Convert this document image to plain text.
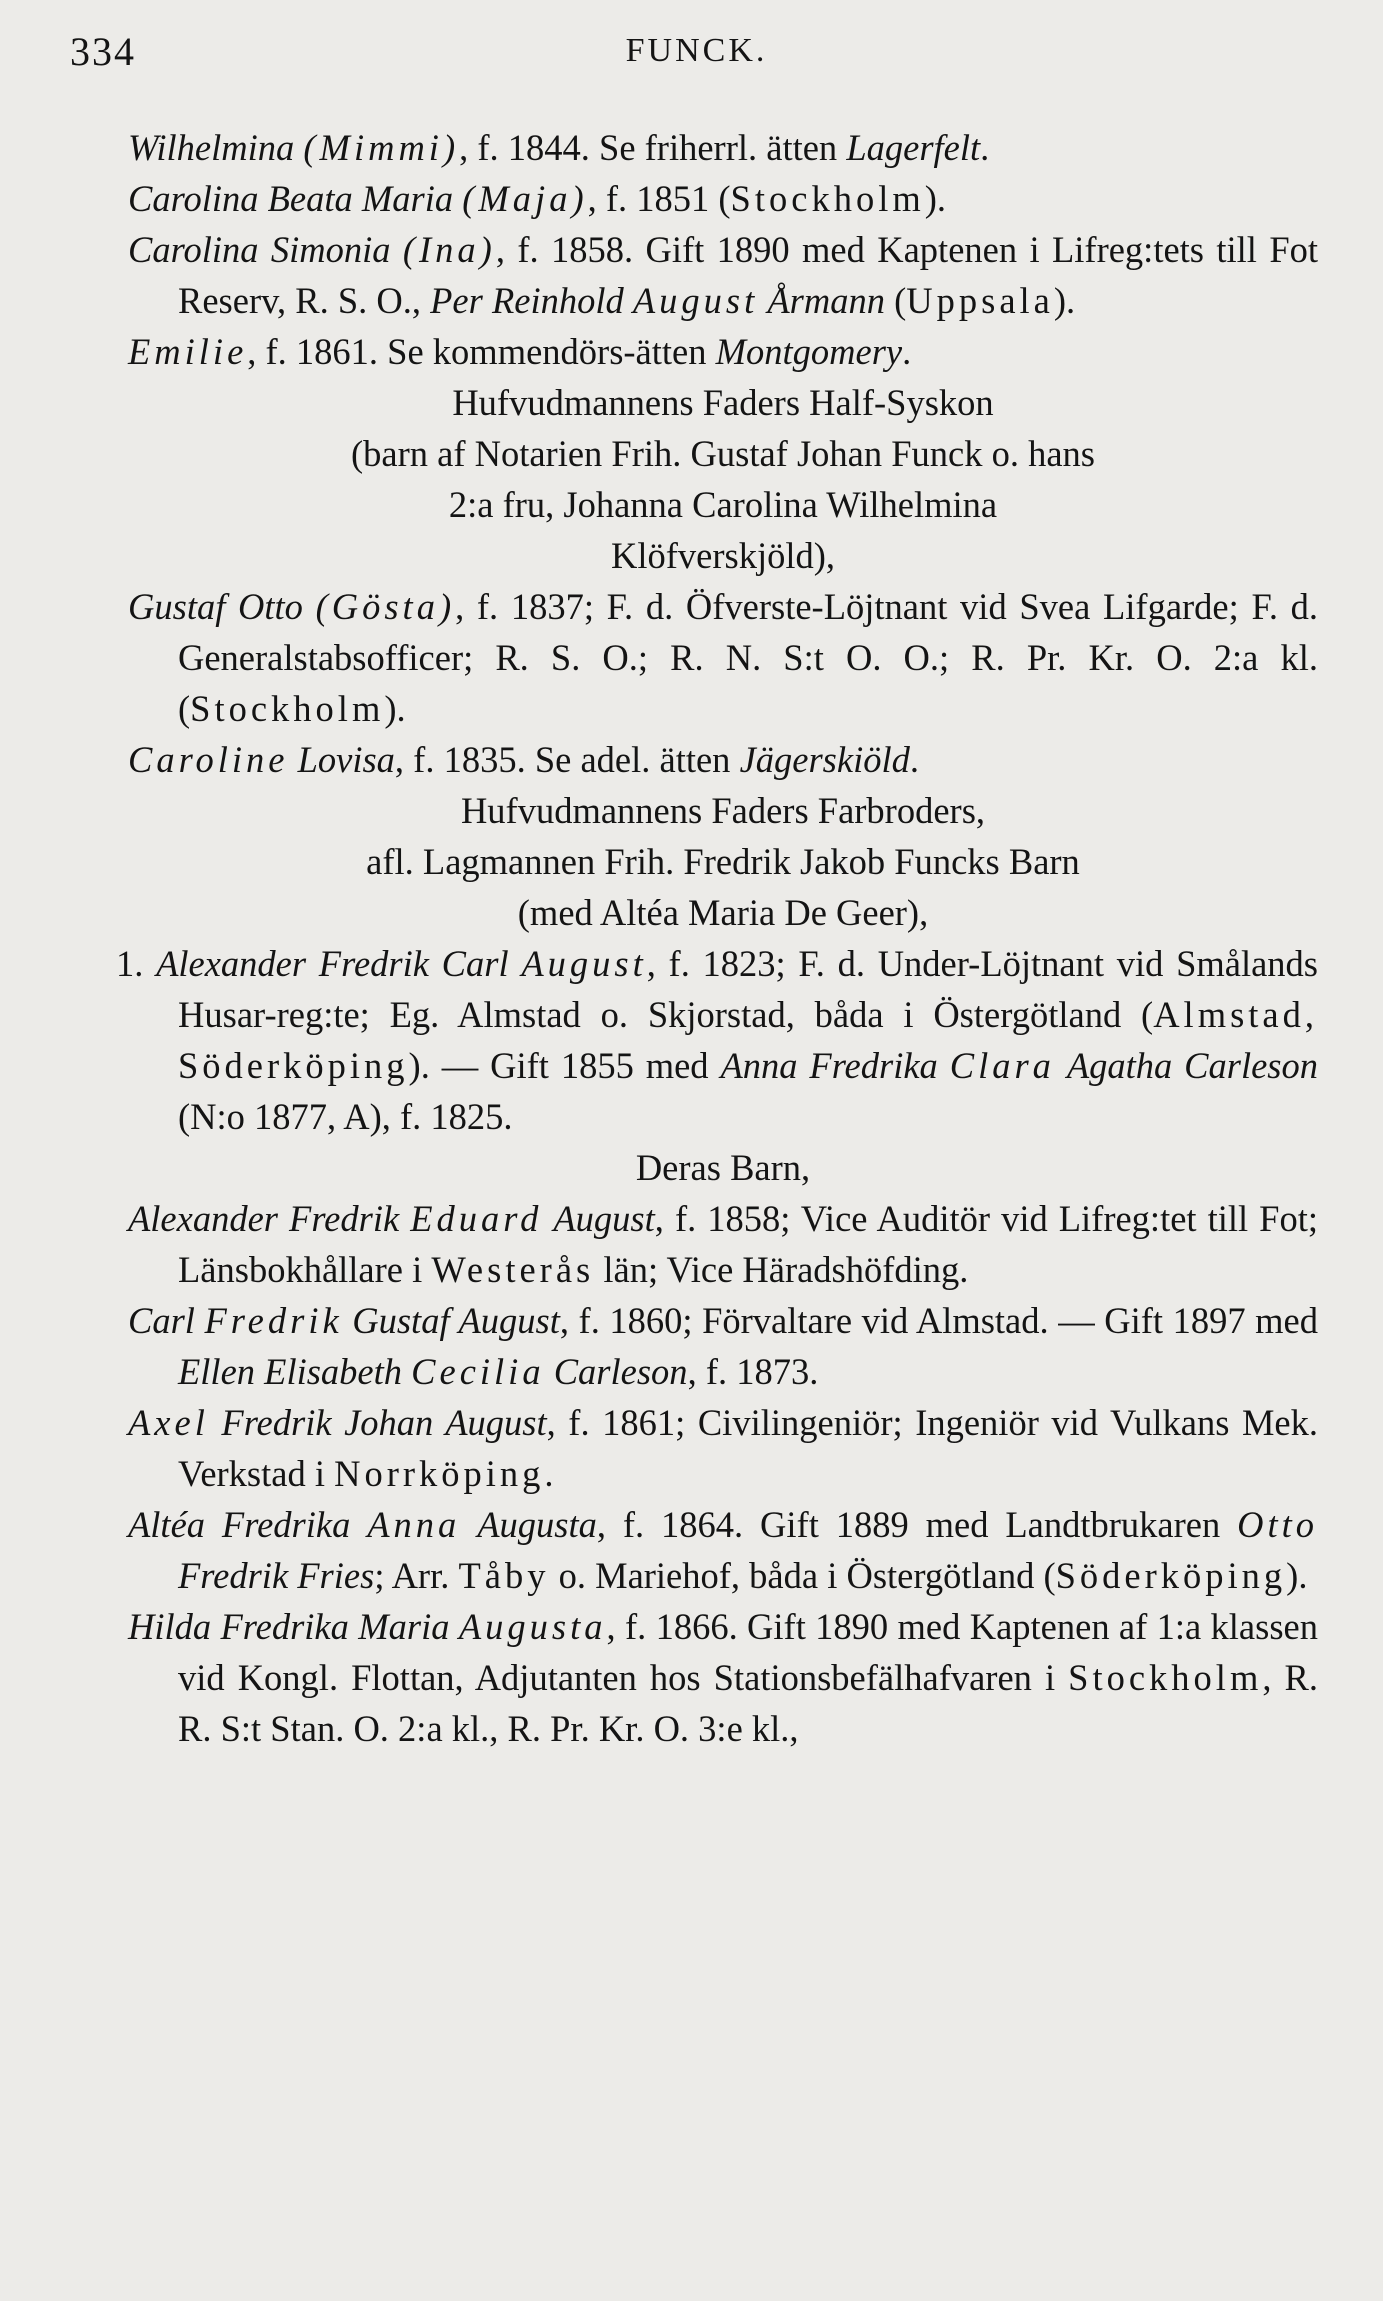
334	FUNCK.

Wilhelmina (Mimmi), f. 1844. Se friherrl. ätten Lagerfelt.

Carolina Beata Maria (Maja), f. 1851 (Stockholm).

Carolina Simonia (Ina), f. 1858. Gift 1890 med Kaptenen i Lifreg:tets till Fot Reserv, R. S. O., Per Reinhold August Årmann (Uppsala).

Emilie, f. 1861. Se kommendörs-ätten Montgomery.

Hufvudmannens Faders Half-Syskon
(barn af Notarien Frih. Gustaf Johan Funck o. hans
2:a fru, Johanna Carolina Wilhelmina
Klöfverskjöld),

Gustaf Otto (Gösta), f. 1837; F. d. Öfverste-Löjtnant vid Svea Lifgarde; F. d. Generalstabsofficer; R. S. O.; R. N. S:t O. O.; R. Pr. Kr. O. 2:a kl. (Stockholm).

Caroline Lovisa, f. 1835. Se adel. ätten Jägerskiöld.

Hufvudmannens Faders Farbroders,
afl. Lagmannen Frih. Fredrik Jakob Funcks Barn
(med Altéa Maria De Geer),

1. Alexander Fredrik Carl August, f. 1823; F. d. Under-Löjtnant vid Smålands Husar-reg:te; Eg. Almstad o. Skjorstad, båda i Östergötland (Almstad, Söderköping). — Gift 1855 med Anna Fredrika Clara Agatha Carleson (N:o 1877, A), f. 1825.

Deras Barn,

Alexander Fredrik Eduard August, f. 1858; Vice Auditör vid Lifreg:tet till Fot; Länsbokhållare i Westerås län; Vice Häradshöfding.

Carl Fredrik Gustaf August, f. 1860; Förvaltare vid Almstad. — Gift 1897 med Ellen Elisabeth Cecilia Carleson, f. 1873.

Axel Fredrik Johan August, f. 1861; Civilingeniör; Ingeniör vid Vulkans Mek. Verkstad i Norrköping.

Altéa Fredrika Anna Augusta, f. 1864. Gift 1889 med Landtbrukaren Otto Fredrik Fries; Arr. Tåby o. Mariehof, båda i Östergötland (Söderköping).

Hilda Fredrika Maria Augusta, f. 1866. Gift 1890 med Kaptenen af 1:a klassen vid Kongl. Flottan, Adjutanten hos Stationsbefälhafvaren i Stockholm, R. R. S:t Stan. O. 2:a kl., R. Pr. Kr. O. 3:e kl.,
